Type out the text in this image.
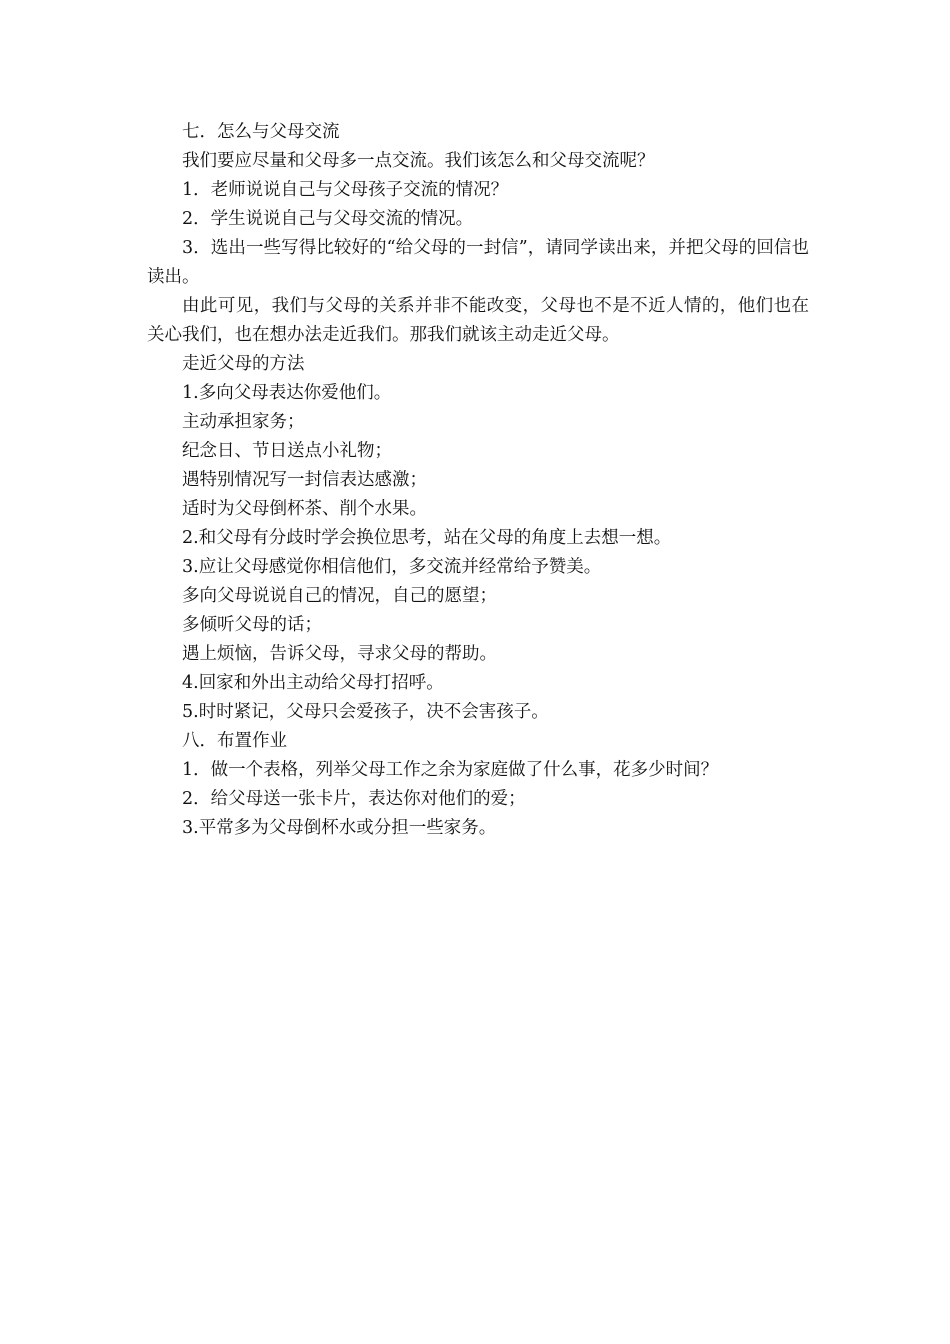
七．怎么与父母交流

我们要应尽量和父母多一点交流。我们该怎么和父母交流呢？

1．老师说说自己与父母孩子交流的情况？

2．学生说说自己与父母交流的情况。

3．选出一些写得比较好的“给父母的一封信”，请同学读出来，并把父母的回信也读出。

由此可见，我们与父母的关系并非不能改变，父母也不是不近人情的，他们也在关心我们，也在想办法走近我们。那我们就该主动走近父母。

走近父母的方法

1.多向父母表达你爱他们。

主动承担家务；

纪念日、节日送点小礼物；

遇特别情况写一封信表达感激；

适时为父母倒杯茶、削个水果。

2.和父母有分歧时学会换位思考，站在父母的角度上去想一想。

3.应让父母感觉你相信他们，多交流并经常给予赞美。

多向父母说说自己的情况，自己的愿望；

多倾听父母的话；

遇上烦恼，告诉父母，寻求父母的帮助。

4.回家和外出主动给父母打招呼。

5.时时紧记，父母只会爱孩子，决不会害孩子。

八．布置作业

1．做一个表格，列举父母工作之余为家庭做了什么事，花多少时间？

2．给父母送一张卡片，表达你对他们的爱；

3.平常多为父母倒杯水或分担一些家务。
